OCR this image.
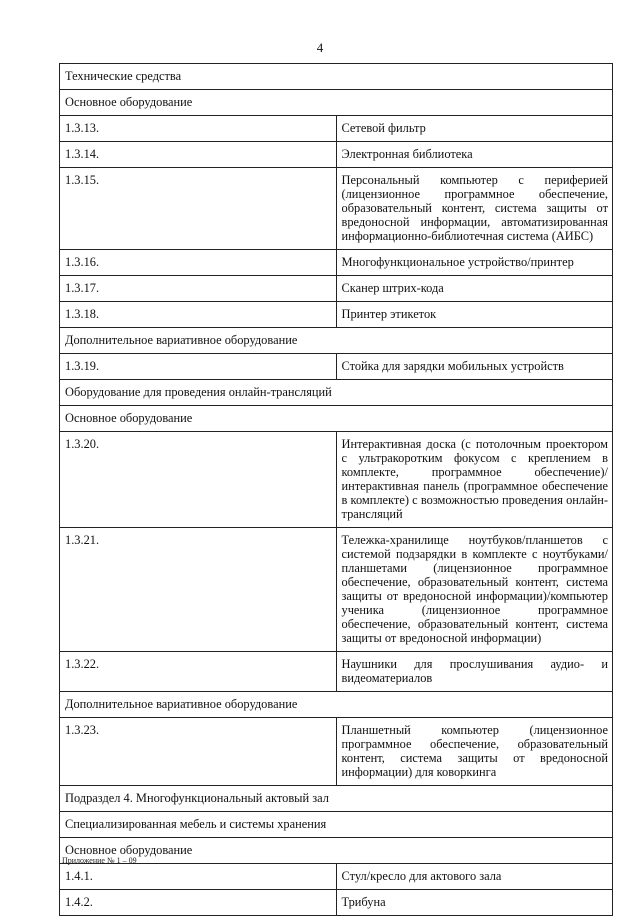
4
Технические средства	
Основное оборудование	
1.3.13.	Сетевой фильтр
1.3.14.	Электронная библиотека
1.3.15.	Персональный компьютер с периферией (лицензионное программное обеспечение, образовательный контент, система защиты от вредоносной информации, автоматизированная информационно-библиотечная система (АИБС)
1.3.16.	Многофункциональное устройство/принтер
1.3.17.	Сканер штрих-кода
1.3.18.	Принтер этикеток
Дополнительное вариативное оборудование	
1.3.19.	Стойка для зарядки мобильных устройств
Оборудование для проведения онлайн-трансляций	
Основное оборудование	
1.3.20.	Интерактивная доска (с потолочным проектором с ультракоротким фокусом с креплением в комплекте, программное обеспечение)/интерактивная панель (программное обеспечение в комплекте) с возможностью проведения онлайн-трансляций
1.3.21.	Тележка-хранилище ноутбуков/планшетов с системой подзарядки в комплекте с ноутбуками/планшетами (лицензионное программное обеспечение, образовательный контент, система защиты от вредоносной информации)/компьютер ученика (лицензионное программное обеспечение, образовательный контент, система защиты от вредоносной информации)
1.3.22.	Наушники для прослушивания аудио- и видеоматериалов
Дополнительное вариативное оборудование	
1.3.23.	Планшетный компьютер (лицензионное программное обеспечение, образовательный контент, система защиты от вредоносной информации) для коворкинга
Подраздел 4. Многофункциональный актовый зал	
Специализированная мебель и системы хранения	
Основное оборудование	
1.4.1.	Стул/кресло для актового зала
1.4.2.	Трибуна
Приложение № 1 – 09
